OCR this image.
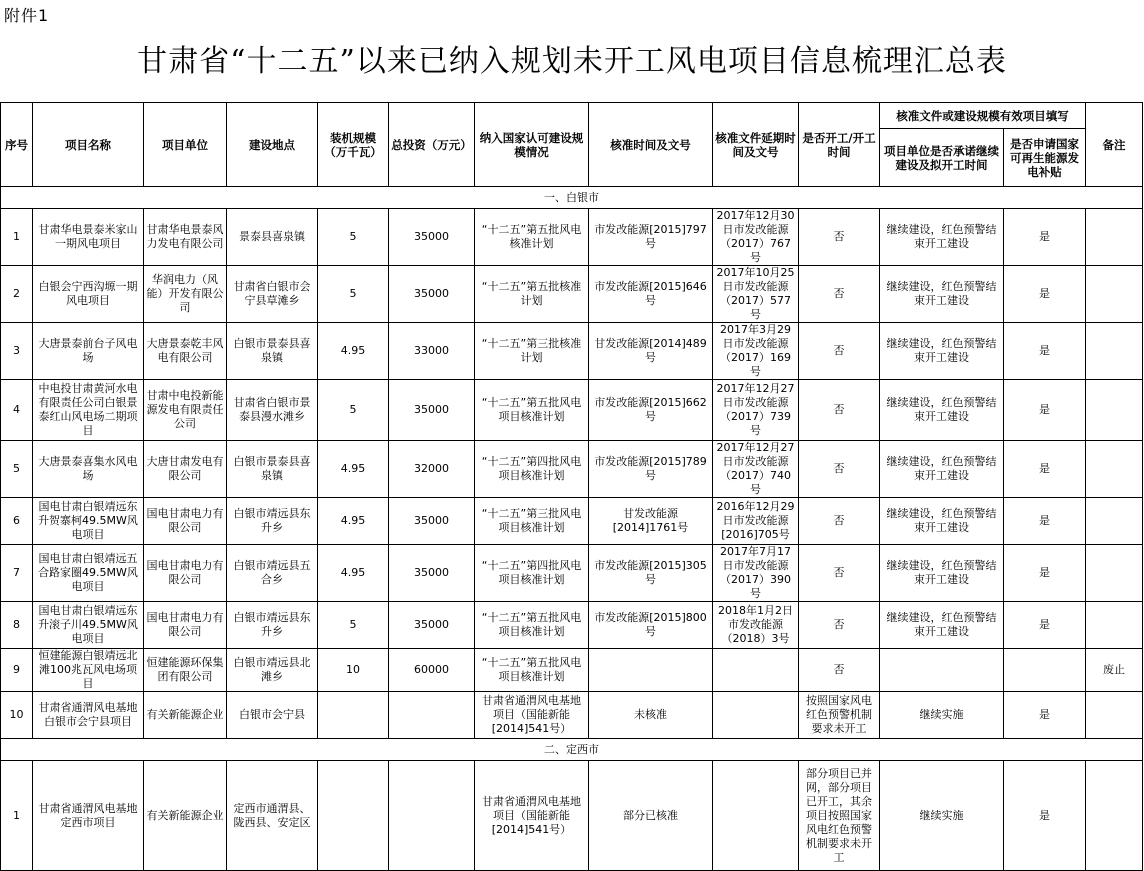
附件1
甘肃省“十二五”以来已纳入规划未开工风电项目信息梳理汇总表
序号	项目名称	项目单位	建设地点	装机规模（万千瓦）	总投资（万元）	纳入国家认可建设规模情况	核准时间及文号	核准文件延期时间及文号	是否开工/开工时间	核准文件或建设规模有效项目填写		备注
										项目单位是否承诺继续建设及拟开工时间	是否申请国家可再生能源发电补贴	
一、白银市												
1	甘肃华电景泰米家山一期风电项目	甘肃华电景泰风力发电有限公司	景泰县喜泉镇	5	35000	“十二五”第五批风电核准计划	市发改能源[2015]797号	2017年12月30日市发改能源（2017）767号	否	继续建设，红色预警结束开工建设	是	
2	白银会宁西沟塬一期风电项目	华润电力（风能）开发有限公司	甘肃省白银市会宁县草滩乡	5	35000	“十二五”第五批核准计划	市发改能源[2015]646号	2017年10月25日市发改能源（2017）577号	否	继续建设，红色预警结束开工建设	是	
3	大唐景泰前台子风电场	大唐景泰乾丰风电有限公司	白银市景泰县喜泉镇	4.95	33000	“十二五”第三批核准计划	甘发改能源[2014]489号	2017年3月29日市发改能源（2017）169号	否	继续建设，红色预警结束开工建设	是	
4	中电投甘肃黄河水电有限责任公司白银景泰红山风电场二期项目	甘肃中电投新能源发电有限责任公司	甘肃省白银市景泰县漫水滩乡	5	35000	“十二五”第五批风电项目核准计划	市发改能源[2015]662号	2017年12月27日市发改能源（2017）739号	否	继续建设，红色预警结束开工建设	是	
5	大唐景泰喜集水风电场	大唐甘肃发电有限公司	白银市景泰县喜泉镇	4.95	32000	“十二五”第四批风电项目核准计划	市发改能源[2015]789号	2017年12月27日市发改能源（2017）740号	否	继续建设，红色预警结束开工建设	是	
6	国电甘肃白银靖远东升贺寨柯49.5MW风电项目	国电甘肃电力有限公司	白银市靖远县东升乡	4.95	35000	“十二五”第三批风电项目核准计划	甘发改能源[2014]1761号	2016年12月29日市发改能源[2016]705号	否	继续建设，红色预警结束开工建设	是	
7	国电甘肃白银靖远五合路家圈49.5MW风电项目	国电甘肃电力有限公司	白银市靖远县五合乡	4.95	35000	“十二五”第四批风电项目核准计划	市发改能源[2015]305号	2017年7月17日市发改能源（2017）390号	否	继续建设，红色预警结束开工建设	是	
8	国电甘肃白银靖远东升滚子川49.5MW风电项目	国电甘肃电力有限公司	白银市靖远县东升乡	5	35000	“十二五”第五批风电项目核准计划	市发改能源[2015]800号	2018年1月2日市发改能源（2018）3号	否	继续建设，红色预警结束开工建设	是	
9	恒建能源白银靖远北滩100兆瓦风电场项目	恒建能源环保集团有限公司	白银市靖远县北滩乡	10	60000	“十二五”第五批风电项目核准计划			否			废止
10	甘肃省通渭风电基地白银市会宁县项目	有关新能源企业	白银市会宁县			甘肃省通渭风电基地项目（国能新能[2014]541号）	未核准		按照国家风电红色预警机制要求未开工	继续实施	是	
二、定西市												
1	甘肃省通渭风电基地定西市项目	有关新能源企业	定西市通渭县、陇西县、安定区			甘肃省通渭风电基地项目（国能新能[2014]541号）	部分已核准		部分项目已并网，部分项目已开工，其余项目按照国家风电红色预警机制要求未开工	继续实施	是	
